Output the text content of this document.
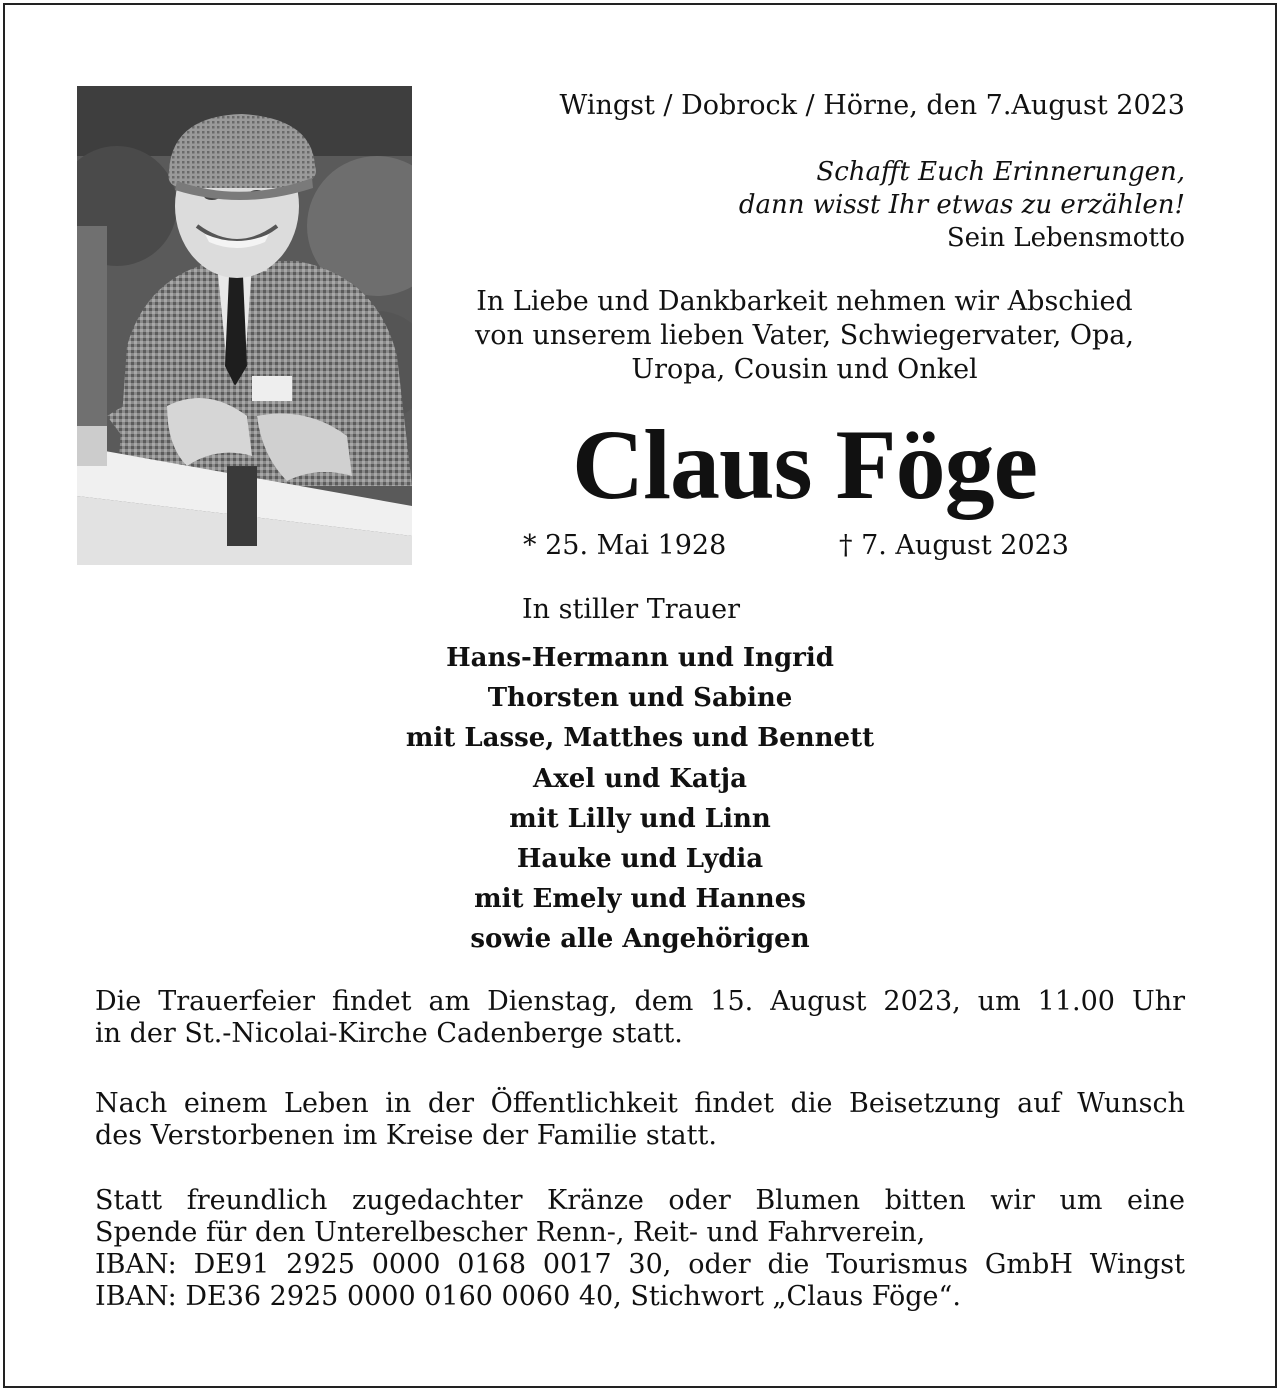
Wingst / Dobrock / Hörne, den 7.August 2023
Schafft Euch Erinnerungen,
dann wisst Ihr etwas zu erzählen!
Sein Lebensmotto
In Liebe und Dankbarkeit nehmen wir Abschied
von unserem lieben Vater, Schwiegervater, Opa,
Uropa, Cousin und Onkel
Claus Föge
* 25. Mai 1928	† 7. August 2023
In stiller Trauer
Hans-Hermann und Ingrid
Thorsten und Sabine
mit Lasse, Matthes und Bennett
Axel und Katja
mit Lilly und Linn
Hauke und Lydia
mit Emely und Hannes
sowie alle Angehörigen
Die Trauerfeier findet am Dienstag, dem 15. August 2023, um 11.00 Uhr
in der St.-Nicolai-Kirche Cadenberge statt.
Nach einem Leben in der Öffentlichkeit findet die Beisetzung auf Wunsch
des Verstorbenen im Kreise der Familie statt.
Statt freundlich zugedachter Kränze oder Blumen bitten wir um eine
Spende für den Unterelbescher Renn-, Reit- und Fahrverein,
IBAN: DE91 2925 0000 0168 0017 30, oder die Tourismus GmbH Wingst
IBAN: DE36 2925 0000 0160 0060 40, Stichwort „Claus Föge“.
